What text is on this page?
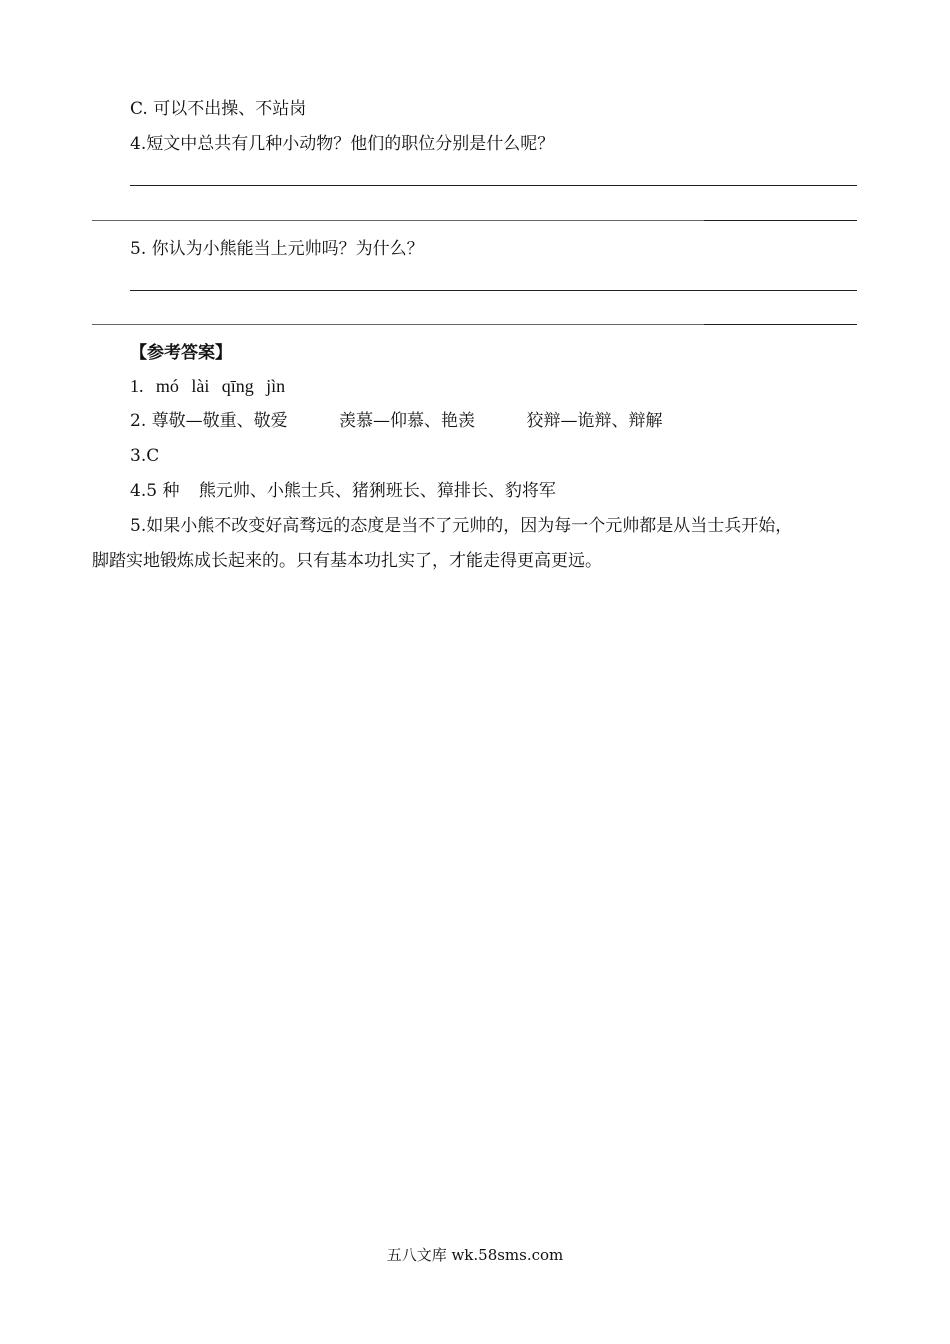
C. 可以不出操、不站岗
4.短文中总共有几种小动物？他们的职位分别是什么呢？
5. 你认为小熊能当上元帅吗？为什么？
【参考答案】
1. mó lài qīng jìn
2. 尊敬—敬重、敬爱	羡慕—仰慕、艳羡	狡辩—诡辩、辩解
3.C
4.5 种 熊元帅、小熊士兵、猪猁班长、獐排长、豹将军
5.如果小熊不改变好高骛远的态度是当不了元帅的，因为每一个元帅都是从当士兵开始，
脚踏实地锻炼成长起来的。只有基本功扎实了，才能走得更高更远。
五八文库 wk.58sms.com
